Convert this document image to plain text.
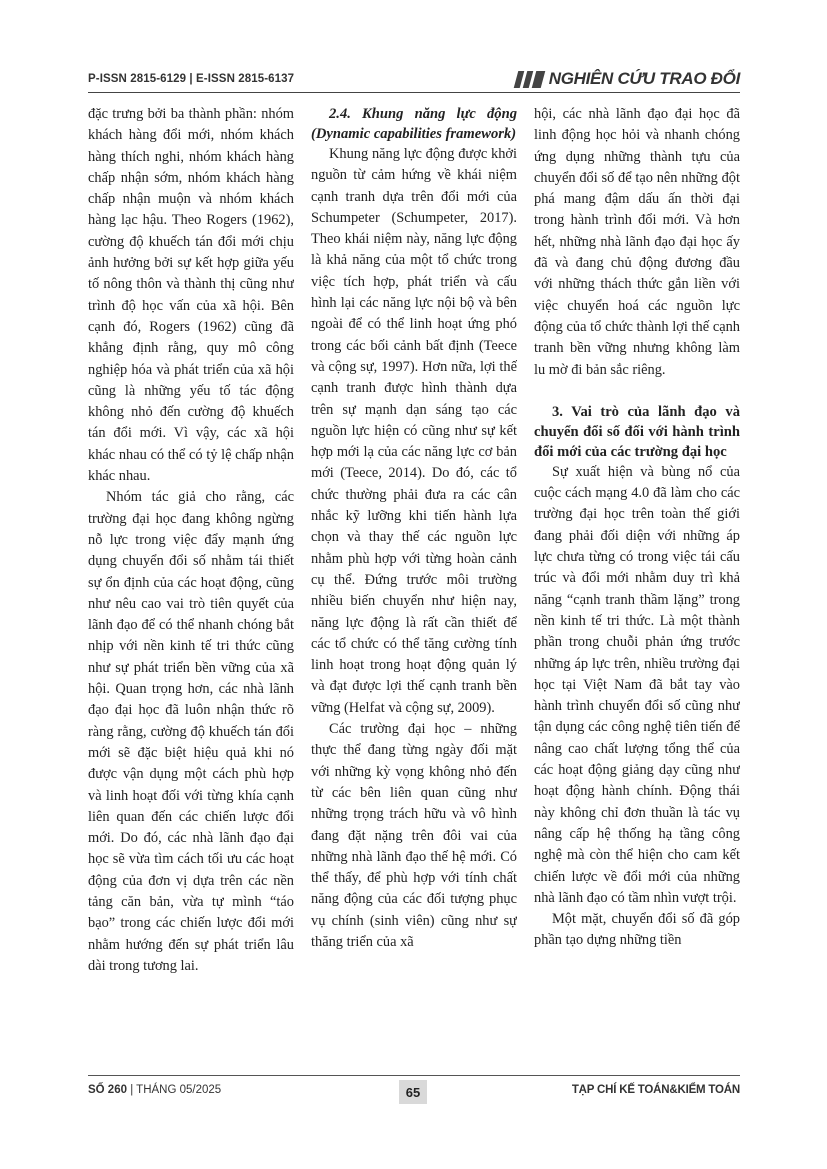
P-ISSN 2815-6129 | E-ISSN 2815-6137	NGHIÊN CỨU TRAO ĐỔI

đặc trưng bởi ba thành phần: nhóm khách hàng đổi mới, nhóm khách hàng thích nghi, nhóm khách hàng chấp nhận sớm, nhóm khách hàng chấp nhận muộn và nhóm khách hàng lạc hậu. Theo Rogers (1962), cường độ khuếch tán đổi mới chịu ảnh hưởng bởi sự kết hợp giữa yếu tố nông thôn và thành thị cũng như trình độ học vấn của xã hội. Bên cạnh đó, Rogers (1962) cũng đã khẳng định rằng, quy mô công nghiệp hóa và phát triển của xã hội cũng là những yếu tố tác động không nhỏ đến cường độ khuếch tán đổi mới. Vì vậy, các xã hội khác nhau có thể có tỷ lệ chấp nhận khác nhau.

Nhóm tác giả cho rằng, các trường đại học đang không ngừng nỗ lực trong việc đẩy mạnh ứng dụng chuyển đổi số nhằm tái thiết sự ổn định của các hoạt động, cũng như nêu cao vai trò tiên quyết của lãnh đạo để có thể nhanh chóng bắt nhịp với nền kinh tế tri thức cũng như sự phát triển bền vững của xã hội. Quan trọng hơn, các nhà lãnh đạo đại học đã luôn nhận thức rõ ràng rằng, cường độ khuếch tán đổi mới sẽ đặc biệt hiệu quả khi nó được vận dụng một cách phù hợp và linh hoạt đối với từng khía cạnh liên quan đến các chiến lược đổi mới. Do đó, các nhà lãnh đạo đại học sẽ vừa tìm cách tối ưu các hoạt động của đơn vị dựa trên các nền tảng căn bản, vừa tự mình “táo bạo” trong các chiến lược đổi mới nhằm hướng đến sự phát triển lâu dài trong tương lai.

2.4. Khung năng lực động (Dynamic capabilities framework)

Khung năng lực động được khởi nguồn từ cảm hứng về khái niệm cạnh tranh dựa trên đổi mới của Schumpeter (Schumpeter, 2017). Theo khái niệm này, năng lực động là khả năng của một tổ chức trong việc tích hợp, phát triển và cấu hình lại các năng lực nội bộ và bên ngoài để có thể linh hoạt ứng phó trong các bối cảnh bất định (Teece và cộng sự, 1997). Hơn nữa, lợi thế cạnh tranh được hình thành dựa trên sự mạnh dạn sáng tạo các nguồn lực hiện có cũng như sự kết hợp mới lạ của các năng lực cơ bản mới (Teece, 2014). Do đó, các tổ chức thường phải đưa ra các cân nhắc kỹ lưỡng khi tiến hành lựa chọn và thay thế các nguồn lực nhằm phù hợp với từng hoàn cảnh cụ thể. Đứng trước môi trường nhiều biến chuyển như hiện nay, năng lực động là rất cần thiết để các tổ chức có thể tăng cường tính linh hoạt trong hoạt động quản lý và đạt được lợi thế cạnh tranh bền vững (Helfat và cộng sự, 2009).

Các trường đại học – những thực thể đang từng ngày đối mặt với những kỳ vọng không nhỏ đến từ các bên liên quan cũng như những trọng trách hữu và vô hình đang đặt nặng trên đôi vai của những nhà lãnh đạo thế hệ mới. Có thể thấy, để phù hợp với tính chất năng động của các đối tượng phục vụ chính (sinh viên) cũng như sự thăng triển của xã

hội, các nhà lãnh đạo đại học đã linh động học hỏi và nhanh chóng ứng dụng những thành tựu của chuyển đổi số để tạo nên những đột phá mang đậm dấu ấn thời đại trong hành trình đổi mới. Và hơn hết, những nhà lãnh đạo đại học ấy đã và đang chủ động đương đầu với những thách thức gắn liền với việc chuyển hoá các nguồn lực động của tổ chức thành lợi thế cạnh tranh bền vững nhưng không làm lu mờ đi bản sắc riêng.

3. Vai trò của lãnh đạo và chuyển đổi số đối với hành trình đổi mới của các trường đại học

Sự xuất hiện và bùng nổ của cuộc cách mạng 4.0 đã làm cho các trường đại học trên toàn thế giới đang phải đối diện với những áp lực chưa từng có trong việc tái cấu trúc và đổi mới nhằm duy trì khả năng “cạnh tranh thầm lặng” trong nền kinh tế tri thức. Là một thành phần trong chuỗi phản ứng trước những áp lực trên, nhiều trường đại học tại Việt Nam đã bắt tay vào hành trình chuyển đổi số cũng như tận dụng các công nghệ tiên tiến để nâng cao chất lượng tổng thể của các hoạt động giảng dạy cũng như hoạt động hành chính. Động thái này không chỉ đơn thuần là tác vụ nâng cấp hệ thống hạ tầng công nghệ mà còn thể hiện cho cam kết chiến lược về đổi mới của những nhà lãnh đạo có tầm nhìn vượt trội.

Một mặt, chuyển đổi số đã góp phần tạo dựng những tiền

SỐ 260 | THÁNG 05/2025	65	TẠP CHÍ KẾ TOÁN&KIỂM TOÁN
